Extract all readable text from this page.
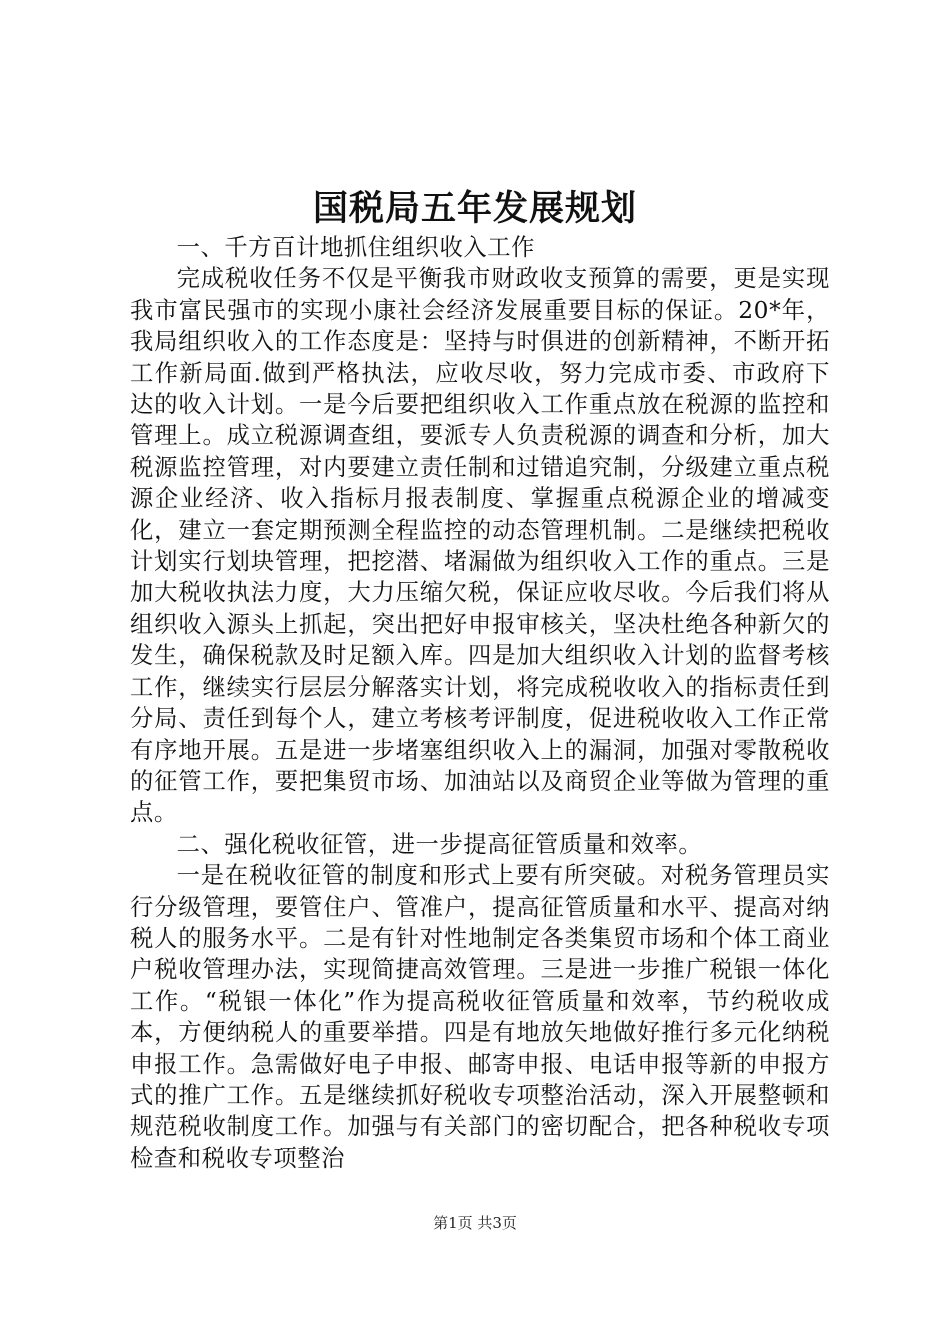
国税局五年发展规划

一、千方百计地抓住组织收入工作

完成税收任务不仅是平衡我市财政收支预算的需要，更是实现我市富民强市的实现小康社会经济发展重要目标的保证。20*年，我局组织收入的工作态度是：坚持与时俱进的创新精神，不断开拓工作新局面.做到严格执法，应收尽收，努力完成市委、市政府下达的收入计划。一是今后要把组织收入工作重点放在税源的监控和管理上。成立税源调查组，要派专人负责税源的调查和分析，加大税源监控管理，对内要建立责任制和过错追究制，分级建立重点税源企业经济、收入指标月报表制度、掌握重点税源企业的增减变化，建立一套定期预测全程监控的动态管理机制。二是继续把税收计划实行划块管理，把挖潜、堵漏做为组织收入工作的重点。三是加大税收执法力度，大力压缩欠税，保证应收尽收。今后我们将从组织收入源头上抓起，突出把好申报审核关，坚决杜绝各种新欠的发生，确保税款及时足额入库。四是加大组织收入计划的监督考核工作，继续实行层层分解落实计划，将完成税收收入的指标责任到分局、责任到每个人，建立考核考评制度，促进税收收入工作正常有序地开展。五是进一步堵塞组织收入上的漏洞，加强对零散税收的征管工作，要把集贸市场、加油站以及商贸企业等做为管理的重点。

二、强化税收征管，进一步提高征管质量和效率。

一是在税收征管的制度和形式上要有所突破。对税务管理员实行分级管理，要管住户、管准户，提高征管质量和水平、提高对纳税人的服务水平。二是有针对性地制定各类集贸市场和个体工商业户税收管理办法，实现简捷高效管理。三是进一步推广税银一体化工作。“税银一体化”作为提高税收征管质量和效率，节约税收成本，方便纳税人的重要举措。四是有地放矢地做好推行多元化纳税申报工作。急需做好电子申报、邮寄申报、电话申报等新的申报方式的推广工作。五是继续抓好税收专项整治活动，深入开展整顿和规范税收制度工作。加强与有关部门的密切配合，把各种税收专项检查和税收专项整治

第1页 共3页
